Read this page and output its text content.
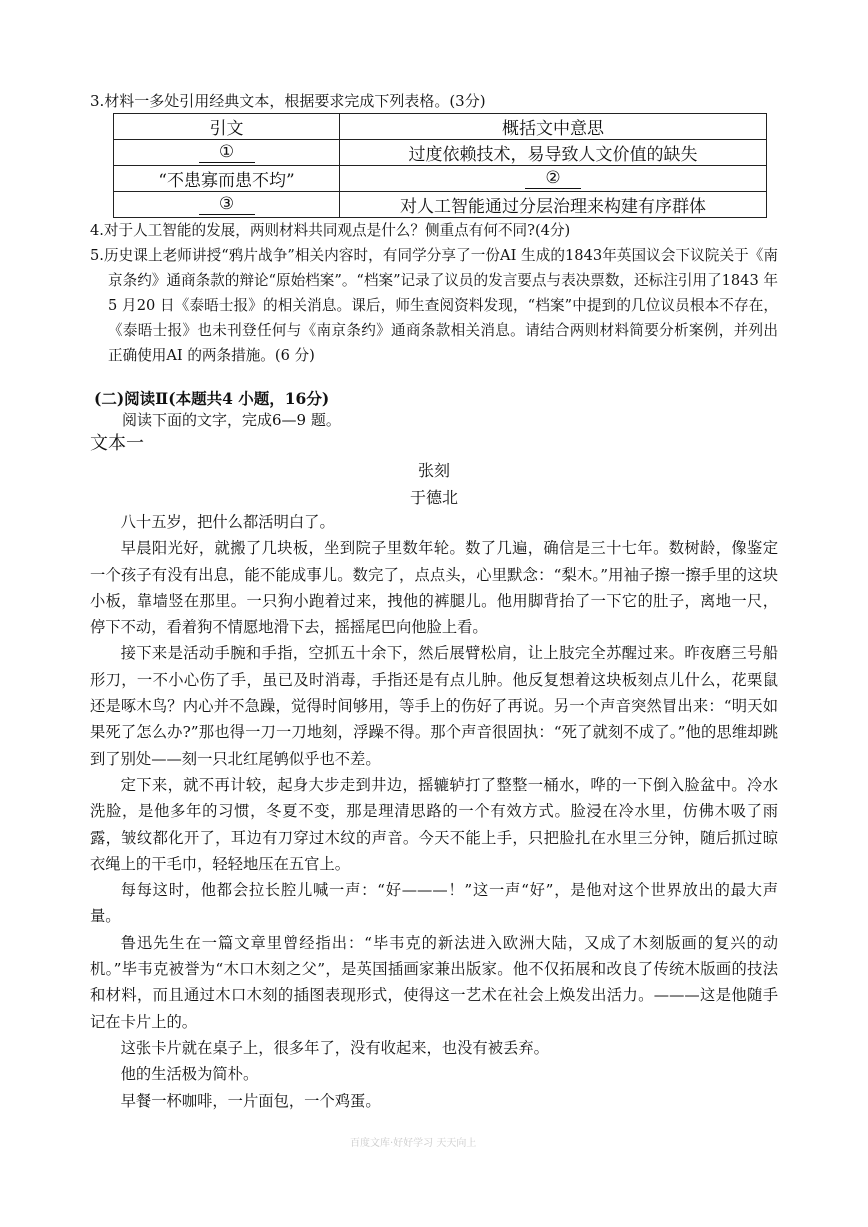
3.材料一多处引用经典文本，根据要求完成下列表格。(3分)
引文	概括文中意思
①	过度依赖技术，易导致人文价值的缺失
“不患寡而患不均”	②
③	对人工智能通过分层治理来构建有序群体
4.对于人工智能的发展，两则材料共同观点是什么？侧重点有何不同?(4分)
5.历史课上老师讲授“鸦片战争”相关内容时，有同学分享了一份AI 生成的1843年英国议会下议院关于《南京条约》通商条款的辩论“原始档案”。“档案”记录了议员的发言要点与表决票数，还标注引用了1843 年5 月20 日《泰晤士报》的相关消息。课后，师生查阅资料发现，“档案”中提到的几位议员根本不存在，《泰晤士报》也未刊登任何与《南京条约》通商条款相关消息。请结合两则材料简要分析案例，并列出正确使用AI 的两条措施。(6 分)
(二)阅读Ⅱ(本题共4 小题，16分)
阅读下面的文字，完成6—9 题。
文本一
张刻
于德北

八十五岁，把什么都活明白了。

早晨阳光好，就搬了几块板，坐到院子里数年轮。数了几遍，确信是三十七年。数树龄，像鉴定一个孩子有没有出息，能不能成事儿。数完了，点点头，心里默念：“梨木。”用袖子擦一擦手里的这块小板，靠墙竖在那里。一只狗小跑着过来，拽他的裤腿儿。他用脚背抬了一下它的肚子，离地一尺，停下不动，看着狗不情愿地滑下去，摇摇尾巴向他脸上看。

接下来是活动手腕和手指，空抓五十余下，然后展臂松肩，让上肢完全苏醒过来。昨夜磨三号船形刀，一不小心伤了手，虽已及时消毒，手指还是有点儿肿。他反复想着这块板刻点儿什么，花栗鼠还是啄木鸟？内心并不急躁，觉得时间够用，等手上的伤好了再说。另一个声音突然冒出来：“明天如果死了怎么办?”那也得一刀一刀地刻，浮躁不得。那个声音很固执：“死了就刻不成了。”他的思维却跳到了别处——刻一只北红尾鸲似乎也不差。

定下来，就不再计较，起身大步走到井边，摇辘轳打了整整一桶水，哗的一下倒入脸盆中。冷水洗脸，是他多年的习惯，冬夏不变，那是理清思路的一个有效方式。脸浸在冷水里，仿佛木吸了雨露，皱纹都化开了，耳边有刀穿过木纹的声音。今天不能上手，只把脸扎在水里三分钟，随后抓过晾衣绳上的干毛巾，轻轻地压在五官上。

每每这时，他都会拉长腔儿喊一声：“好———！”这一声“好”，是他对这个世界放出的最大声量。

鲁迅先生在一篇文章里曾经指出：“毕韦克的新法进入欧洲大陆，又成了木刻版画的复兴的动机。”毕韦克被誉为“木口木刻之父”，是英国插画家兼出版家。他不仅拓展和改良了传统木版画的技法和材料，而且通过木口木刻的插图表现形式，使得这一艺术在社会上焕发出活力。———这是他随手记在卡片上的。

这张卡片就在桌子上，很多年了，没有收起来，也没有被丢弃。

他的生活极为简朴。

早餐一杯咖啡，一片面包，一个鸡蛋。

百度文库·好好学习 天天向上
